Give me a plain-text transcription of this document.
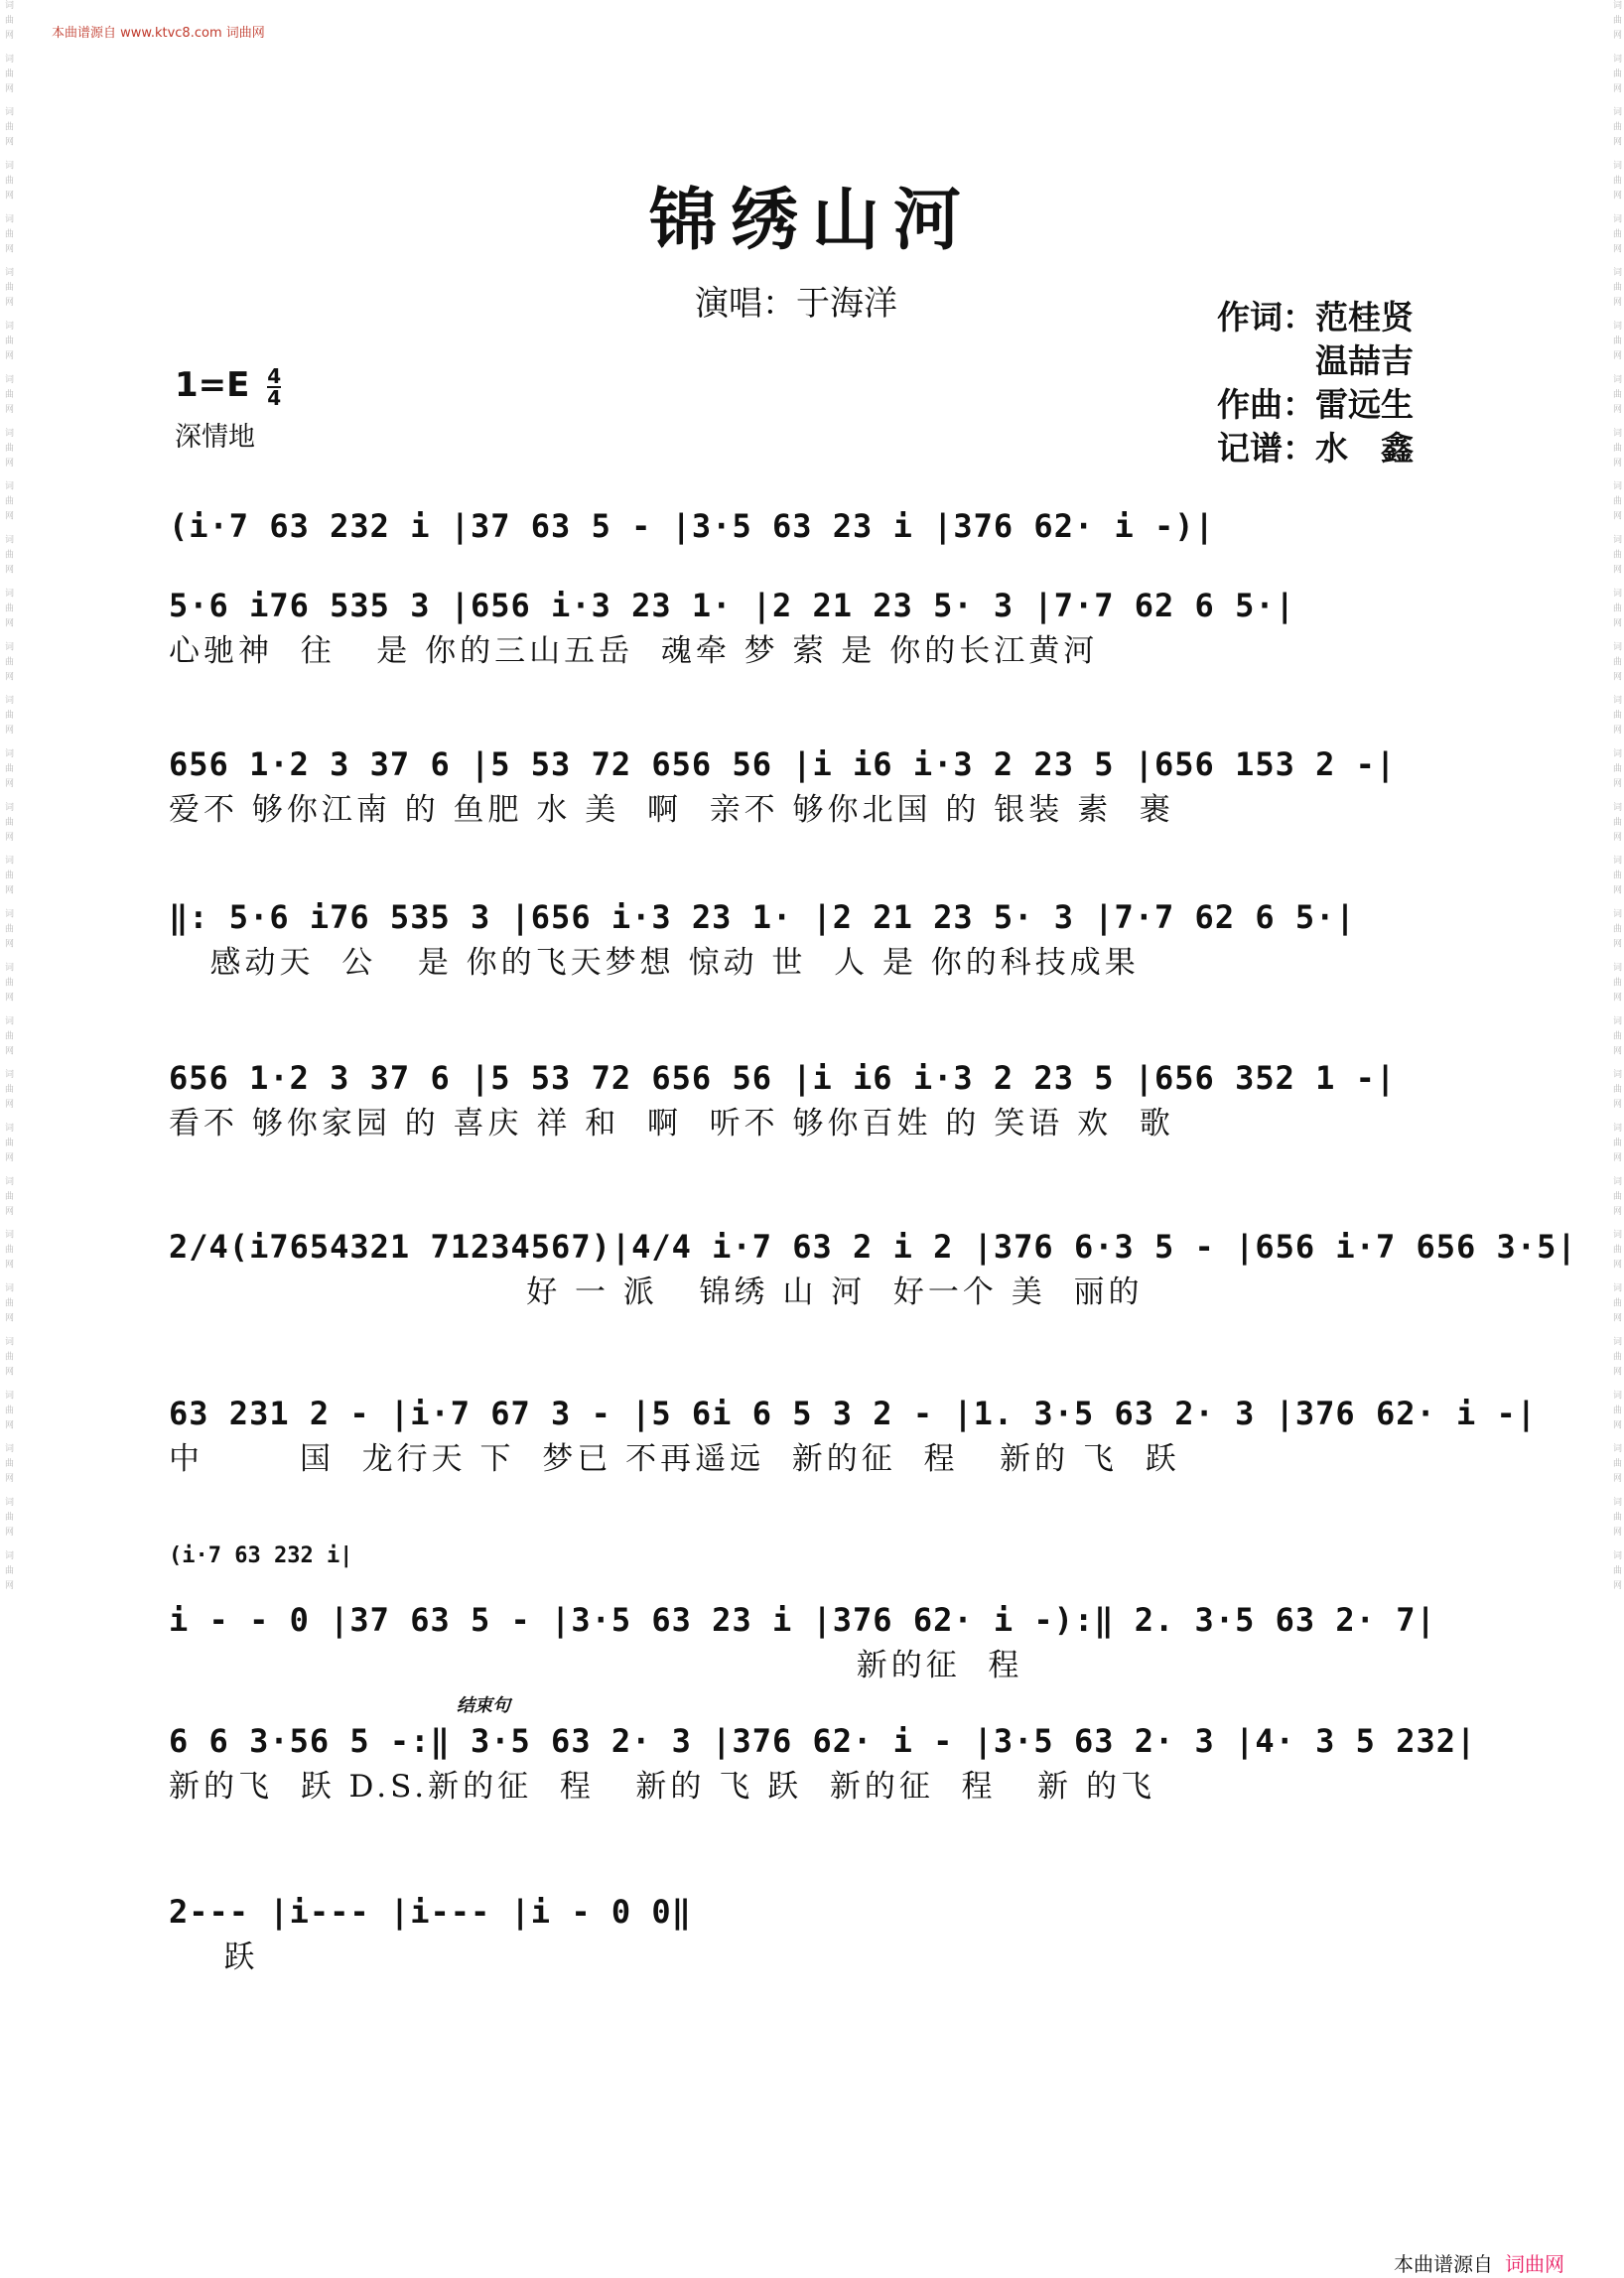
本曲谱源自 www.ktvc8.com 词曲网
词曲网 词曲网 词曲网 词曲网 词曲网 词曲网 词曲网 词曲网 词曲网 词曲网 词曲网 词曲网 词曲网 词曲网 词曲网 词曲网 词曲网 词曲网 词曲网 词曲网 词曲网 词曲网 词曲网 词曲网 词曲网 词曲网 词曲网 词曲网 词曲网 词曲网	词曲网 词曲网 词曲网 词曲网 词曲网 词曲网 词曲网 词曲网 词曲网 词曲网 词曲网 词曲网 词曲网 词曲网 词曲网 词曲网 词曲网 词曲网 词曲网 词曲网 词曲网 词曲网 词曲网 词曲网 词曲网 词曲网 词曲网 词曲网 词曲网 词曲网
锦绣山河
演唱：于海洋	作词：范桂贤
　　　温喆吉
作曲：雷远生
记谱：水　鑫
$1=E \frac{4}{4}$
深情地
(i·7 63 232 i |37 63 5 - |3·5 63 23 i |376 62· i -)|
5·6 i76 535 3 |656 i·3 23 1· |2 21 23 5· 3 |7·7 62 6 5·|
心驰神  往   是 你的三山五岳  魂牵 梦 萦 是 你的长江黄河
656 1·2 3 37 6 |5 53 72 656 56 |i i6 i·3 2 23 5 |656 153 2 -|
爱不 够你江南 的 鱼肥 水 美  啊  亲不 够你北国 的 银装 素  裹
‖: 5·6 i76 535 3 |656 i·3 23 1· |2 21 23 5· 3 |7·7 62 6 5·|
感动天  公   是 你的飞天梦想 惊动 世  人 是 你的科技成果
656 1·2 3 37 6 |5 53 72 656 56 |i i6 i·3 2 23 5 |656 352 1 -|
看不 够你家园 的 喜庆 祥 和  啊  听不 够你百姓 的 笑语 欢  歌
2/4(i7654321 71234567)|4/4 i·7 63 2 i 2 |376 6·3 5 - |656 i·7 656 3·5|
好 一 派   锦绣 山 河  好一个 美  丽的
63 231 2 - |i·7 67 3 - |5 6i 6 5 3 2 - |1. 3·5 63 2· 3 |376 62· i -|
中       国  龙行天 下  梦已 不再遥远  新的征  程   新的 飞  跃
(i·7 63 232 i|
i - - 0 |37 63 5 - |3·5 63 23 i |376 62· i -):‖ 2. 3·5 63 2· 7|
新的征  程
结束句
6 6 3·56 5 -:‖ 3·5 63 2· 3 |376 62· i - |3·5 63 2· 3 |4· 3 5 232|
新的飞  跃 D.S.新的征  程   新的 飞 跃  新的征  程   新 的飞
2--- |i--- |i--- |i - 0 0‖
跃
本曲谱源自 词曲网
